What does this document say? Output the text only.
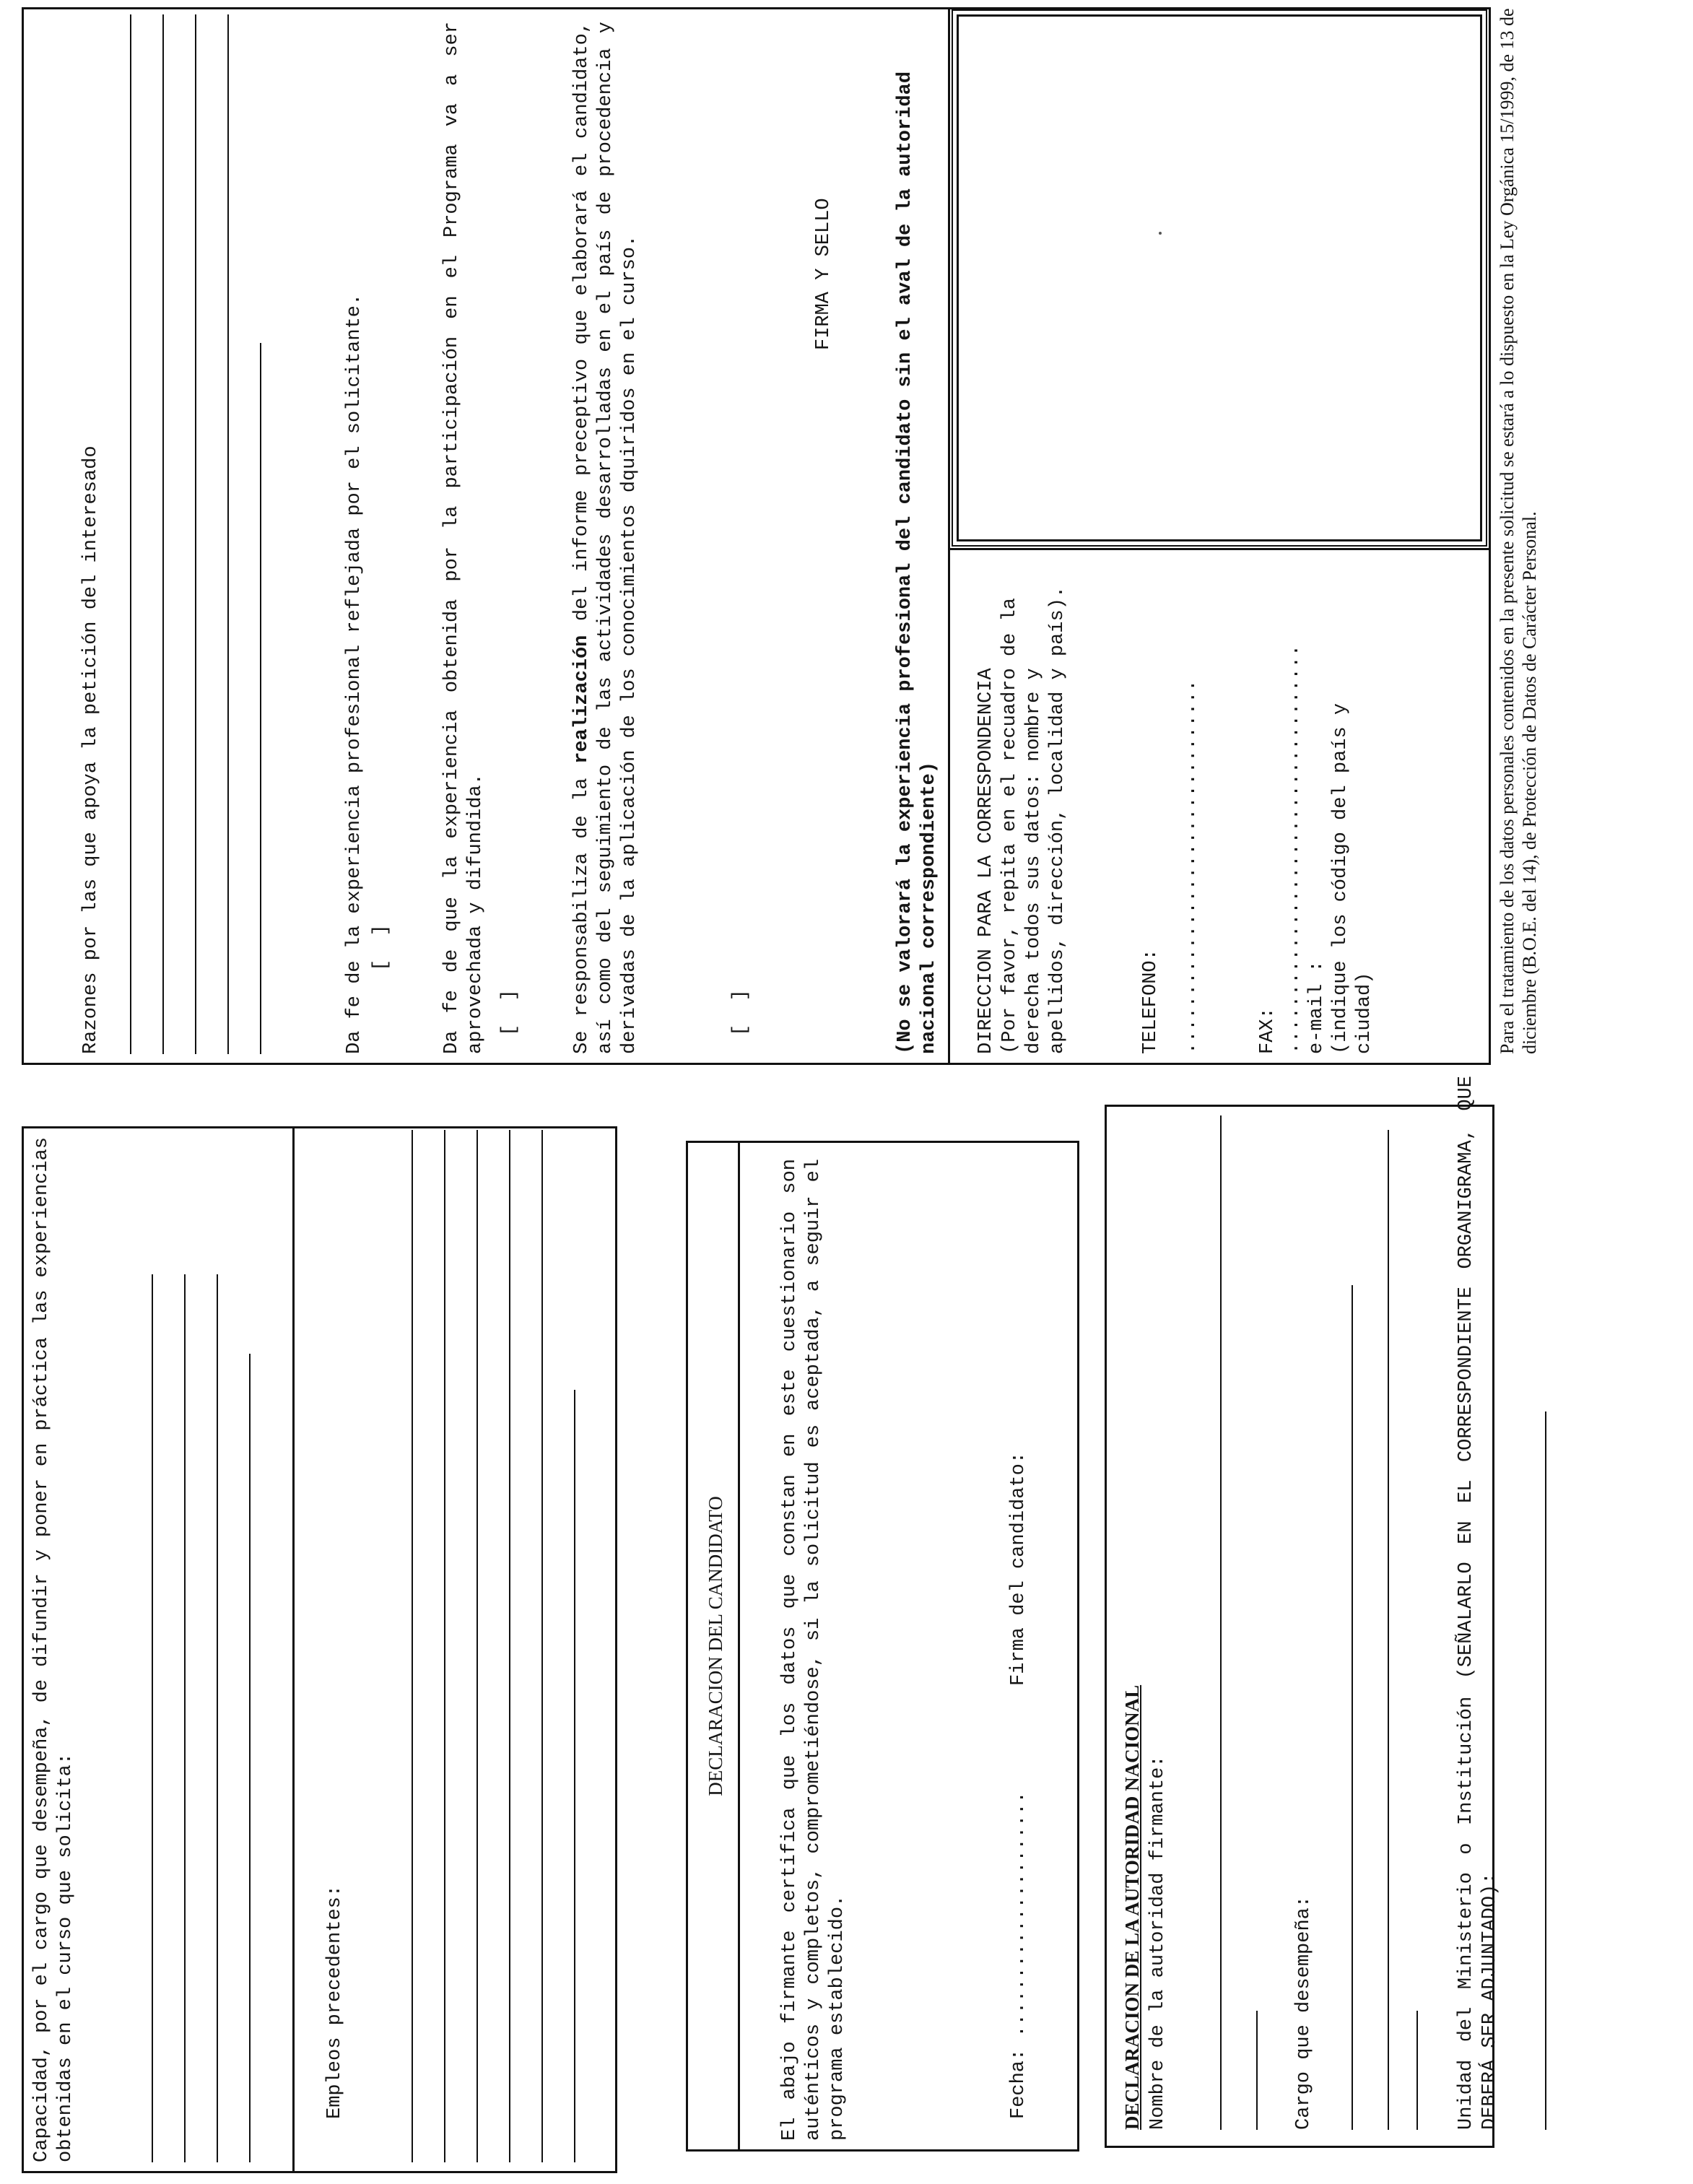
Capacidad, por el cargo que desempeña, de difundir y poner en práctica las experiencias obtenidas en el curso que solicita:	Empleos precedentes:
DECLARACION DEL CANDIDATO	El abajo firmante certifica que los datos que constan en este cuestionario son auténticos y completos, comprometiéndose, si la solicitud es aceptada, a seguir el programa establecido.	Fecha: .....................
Firma del candidato:
DECLARACION DE LA AUTORIDAD NACIONAL Nombre de la autoridad firmante:	Cargo que desempeña:	Unidad del Ministerio o Institución (SEÑALARLO EN EL CORRESPONDIENTE ORGANIGRAMA, QUE DEBERÁ SER ADJUNTADO):
Razones por las que apoya la petición del interesado	Da fe de la experiencia profesional reflejada por el solicitante. [  ]	Da fe de que la experiencia obtenida por la participación en el Programa va a ser aprovechada y difundida. [  ]	Se responsabiliza de la realización del informe preceptivo que elaborará el candidato, así como del seguimiento de las actividades desarrolladas en el país de procedencia y derivadas de la aplicación de los conocimientos dquiridos en el curso.	[  ]
FIRMA Y SELLO	(No se valorará la experiencia profesional del candidato sin el aval de la autoridad nacional correspondiente) DIRECCION PARA LA CORRESPONDENCIA (Por favor, repita en el recuadro de la derecha todos sus datos: nombre y apellidos, dirección, localidad y país).	TELEFONO: ................................	FAX: ................................... e-mail : (indique los código del país y ciudad)	Para el tratamiento de los datos personales contenidos en la presente solicitud se estará a lo dispuesto en la Ley Orgánica 15/1999, de 13 de diciembre (B.O.E. del 14), de Protección de Datos de Carácter Personal.
